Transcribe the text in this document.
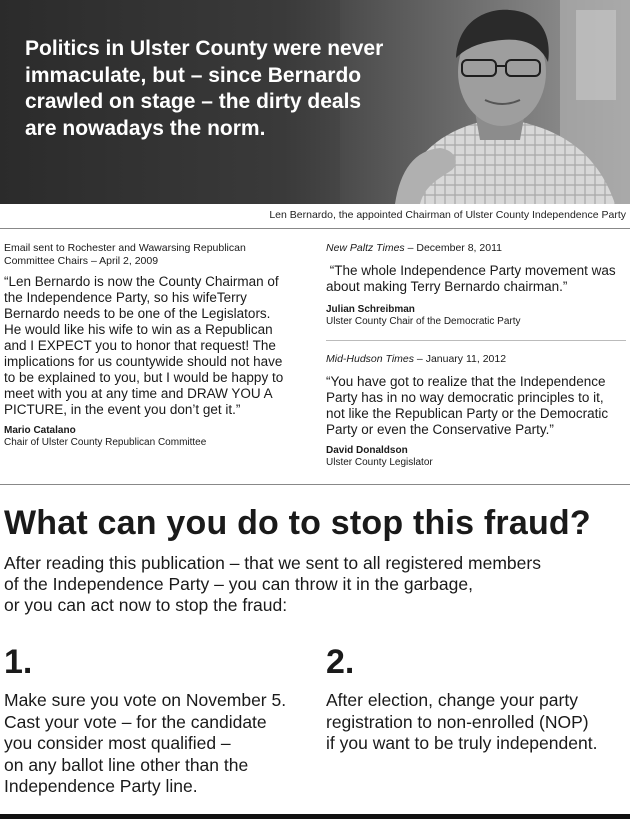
Politics in Ulster County were never
immaculate, but – since Bernardo
crawled on stage – the dirty deals
are nowadays the norm.

Len Bernardo, the appointed Chairman of Ulster County Independence Party

Email sent to Rochester and Wawarsing Republican Committee Chairs – April 2, 2009

“Len Bernardo is now the County Chairman of the Independence Party, so his wifeTerry Bernardo needs to be one of the Legislators. He would like his wife to win as a Republican and I EXPECT you to honor that request! The implications for us countywide should not have to be explained to you, but I would be happy to meet with you at any time and DRAW YOU A PICTURE, in the event you don’t get it.”

Mario Catalano

Chair of Ulster County Republican Committee

New Paltz Times – December 8, 2011

“The whole Independence Party movement was about making Terry Bernardo chairman.”

Julian Schreibman

Ulster County Chair of the Democratic Party

Mid-Hudson Times – January 11, 2012

“You have got to realize that the Independence Party has in no way democratic principles to it, not like the Republican Party or the Democratic Party or even the Conservative Party.”

David Donaldson

Ulster County Legislator

What can you do to stop this fraud?

After reading this publication – that we sent to all registered members
of the Independence Party – you can throw it in the garbage,
or you can act now to stop the fraud:

1.

Make sure you vote on November 5.
Cast your vote – for the candidate
you consider most qualified –
on any ballot line other than the
Independence Party line.

2.

After election, change your party
registration to non-enrolled (NOP)
if you want to be truly independent.
